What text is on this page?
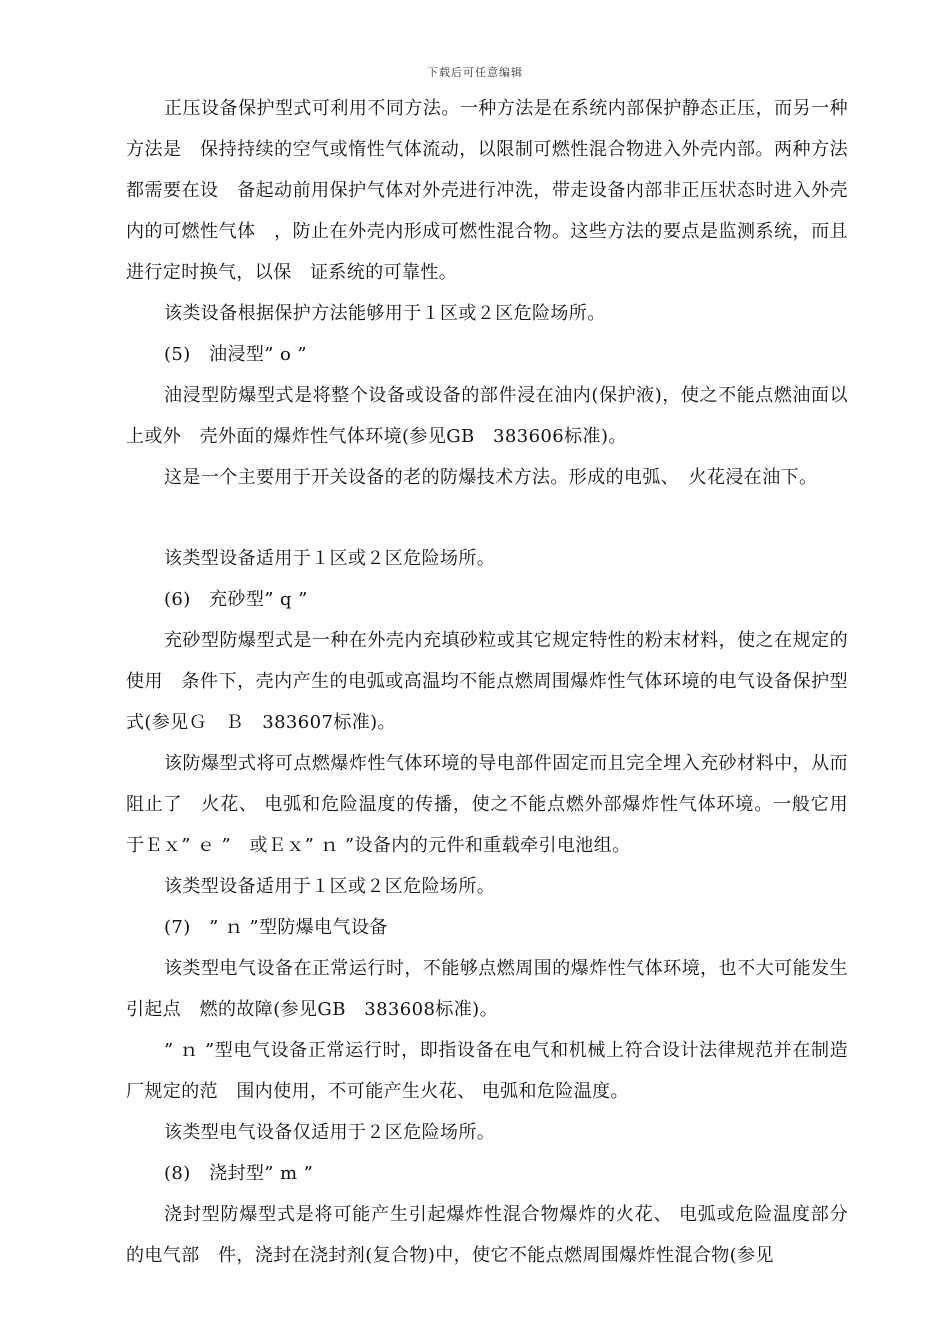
下载后可任意编辑

正压设备保护型式可利用不同方法。一种方法是在系统内部保护静态正压，而另一种方法是　保持持续的空气或惰性气体流动，以限制可燃性混合物进入外壳内部。两种方法都需要在设　备起动前用保护气体对外壳进行冲洗，带走设备内部非正压状态时进入外壳内的可燃性气体　，防止在外壳内形成可燃性混合物。这些方法的要点是监测系统，而且进行定时换气，以保　证系统的可靠性。

该类设备根据保护方法能够用于１区或２区危险场所。

(5)　油浸型” o ”

油浸型防爆型式是将整个设备或设备的部件浸在油内(保护液)，使之不能点燃油面以上或外　壳外面的爆炸性气体环境(参见GB　383606标准)。

这是一个主要用于开关设备的老的防爆技术方法。形成的电弧、　火花浸在油下。

该类型设备适用于１区或２区危险场所。

(6)　充砂型” q ”

充砂型防爆型式是一种在外壳内充填砂粒或其它规定特性的粉末材料，使之在规定的使用　条件下，壳内产生的电弧或高温均不能点燃周围爆炸性气体环境的电气设备保护型式(参见Ｇ　Ｂ　383607标准)。

该防爆型式将可点燃爆炸性气体环境的导电部件固定而且完全埋入充砂材料中，从而阻止了　火花、 电弧和危险温度的传播，使之不能点燃外部爆炸性气体环境。一般它用于Ｅｘ” ｅ ”　或Ｅｘ” ｎ ”设备内的元件和重载牵引电池组。

该类型设备适用于１区或２区危险场所。

(7)　” ｎ ”型防爆电气设备

该类型电气设备在正常运行时，不能够点燃周围的爆炸性气体环境，也不大可能发生引起点　燃的故障(参见GB　383608标准)。

” ｎ ”型电气设备正常运行时，即指设备在电气和机械上符合设计法律规范并在制造厂规定的范　围内使用，不可能产生火花、 电弧和危险温度。

该类型电气设备仅适用于２区危险场所。

(8)　浇封型” m ”

浇封型防爆型式是将可能产生引起爆炸性混合物爆炸的火花、 电弧或危险温度部分的电气部　件，浇封在浇封剂(复合物)中，使它不能点燃周围爆炸性混合物(参见
